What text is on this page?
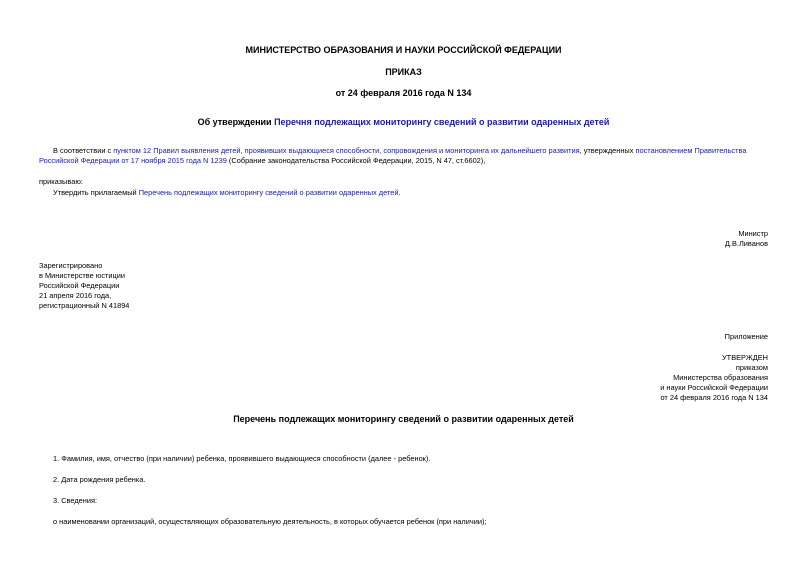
МИНИСТЕРСТВО ОБРАЗОВАНИЯ И НАУКИ РОССИЙСКОЙ ФЕДЕРАЦИИ
ПРИКАЗ
от 24 февраля 2016 года N 134
Об утверждении Перечня подлежащих мониторингу сведений о развитии одаренных детей
В соответствии с пунктом 12 Правил выявления детей, проявивших выдающиеся способности, сопровождения и мониторинга их дальнейшего развития, утвержденных постановлением Правительства Российской Федерации от 17 ноября 2015 года N 1239 (Собрание законодательства Российской Федерации, 2015, N 47, ст.6602),
приказываю:
Утвердить прилагаемый Перечень подлежащих мониторингу сведений о развитии одаренных детей.
Министр
Д.В.Ливанов
Зарегистрировано
в Министерстве юстиции
Российской Федерации
21 апреля 2016 года,
регистрационный N 41894
Приложение
УТВЕРЖДЕН
приказом
Министерства образования
и науки Российской Федерации
от 24 февраля 2016 года N 134
Перечень подлежащих мониторингу сведений о развитии одаренных детей
1. Фамилия, имя, отчество (при наличии) ребенка, проявившего выдающиеся способности (далее - ребенок).
2. Дата рождения ребенка.
3. Сведения:
о наименовании организаций, осуществляющих образовательную деятельность, в которых обучается ребенок (при наличии);
